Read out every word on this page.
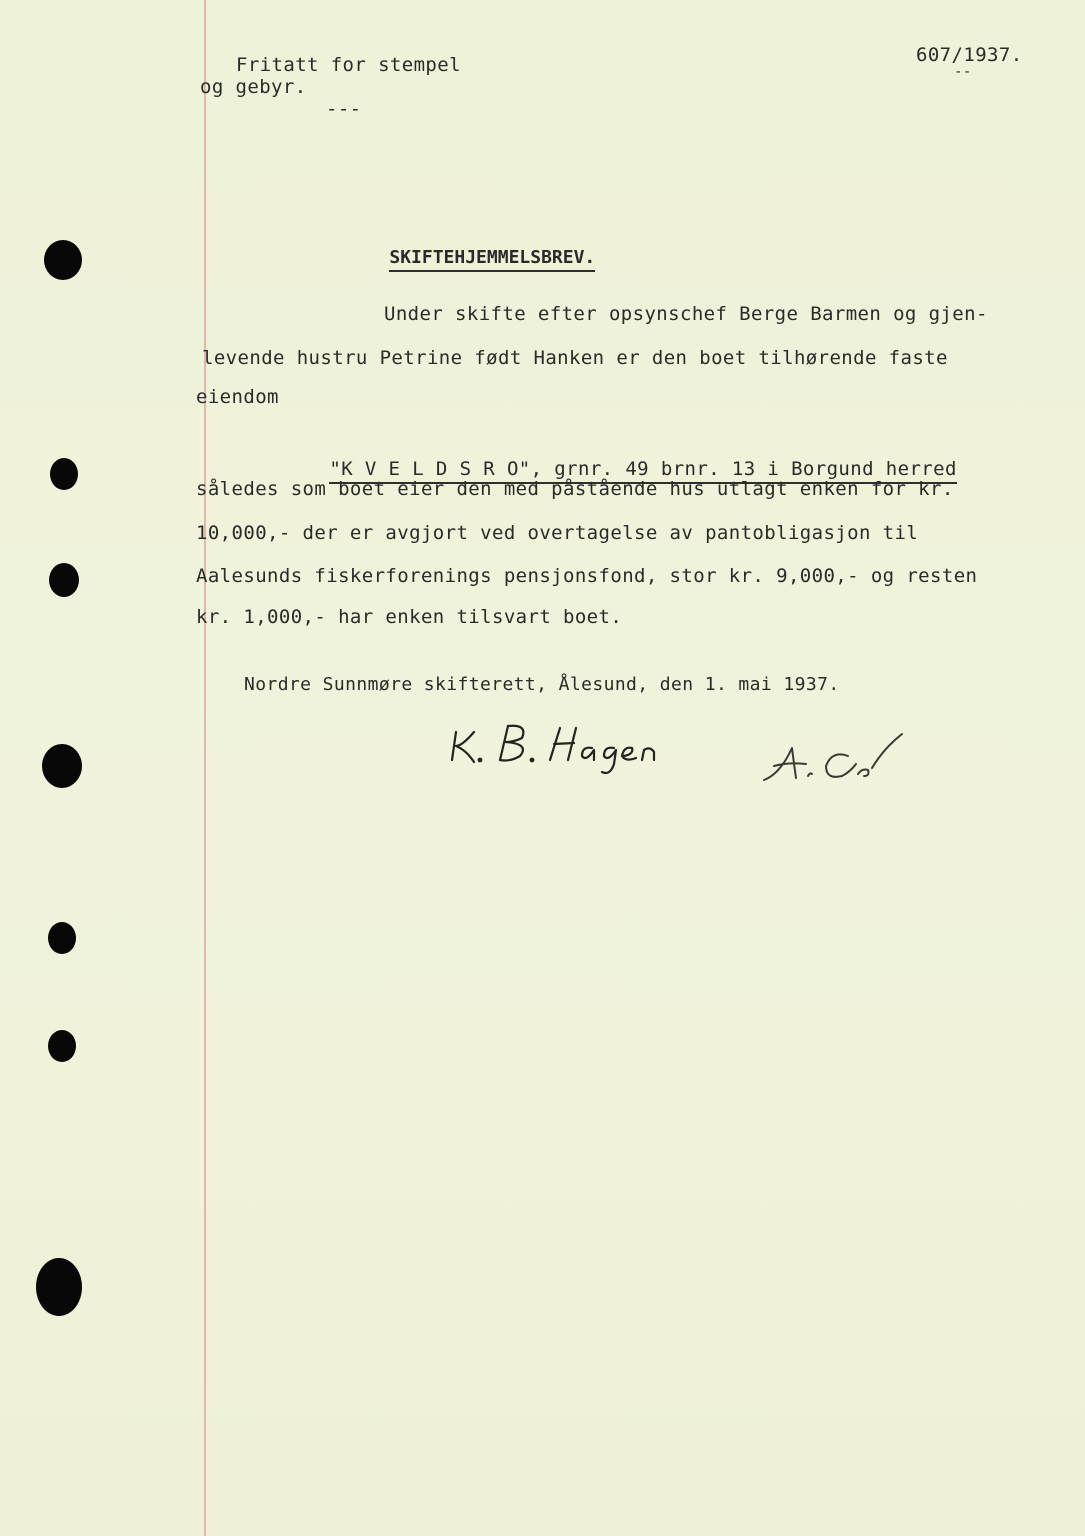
Fritatt for stempel
og gebyr.
---
607/1937.
--

SKIFTEHJEMMELSBREV.

Under skifte efter opsynschef Berge Barmen og gjen-
levende hustru Petrine født Hanken er den boet tilhørende faste
eiendom

"K V E L D S R O", grnr. 49 brnr. 13 i Borgund herred

således som boet eier den med påstående hus utlagt enken for kr.
10,000,- der er avgjort ved overtagelse av pantobligasjon til
Aalesunds fiskerforenings pensjonsfond, stor kr. 9,000,- og resten
kr. 1,000,- har enken tilsvart boet.
Nordre Sunnmøre skifterett, Ålesund, den 1. mai 1937.
K. B. Hagen
A. C.
